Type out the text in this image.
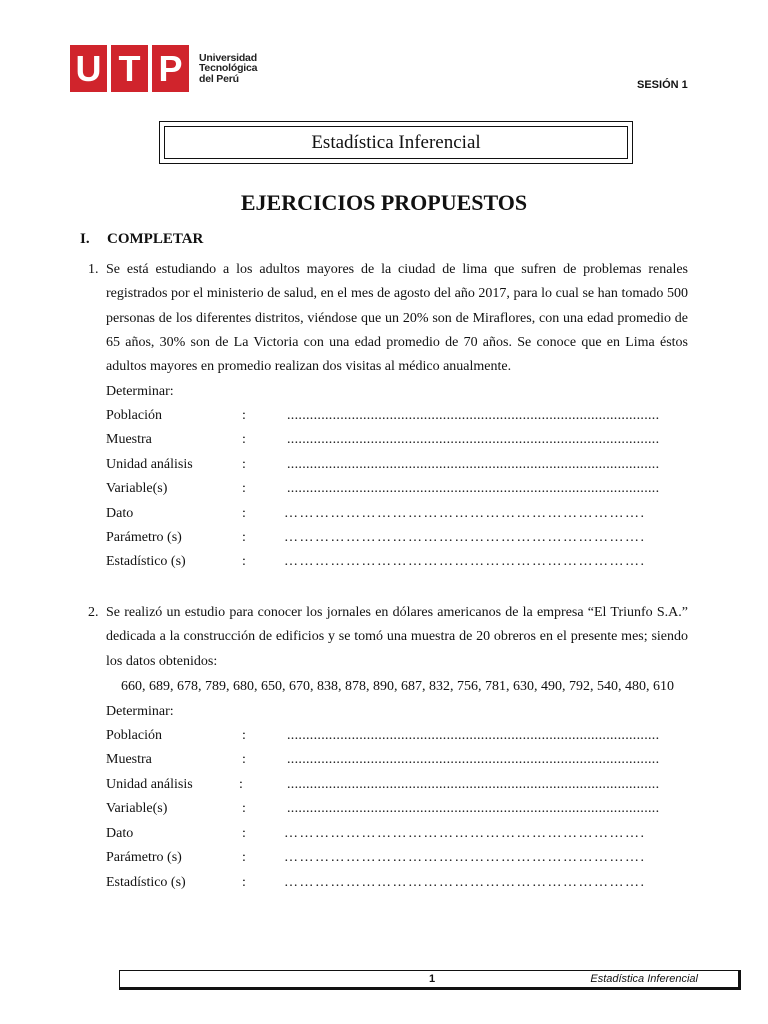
U T P	Universidad
Tecnológica
del Perú
SESIÓN 1
Estadística Inferencial
EJERCICIOS PROPUESTOS
I. COMPLETAR
1. Se está estudiando a los adultos mayores de la ciudad de lima que sufren de problemas renales registrados por el ministerio de salud, en el mes de agosto del año 2017, para lo cual se han tomado 500 personas de los diferentes distritos, viéndose que un 20% son de Miraflores, con una edad promedio de 65 años, 30% son de La Victoria con una edad promedio de 70 años. Se conoce que en Lima éstos adultos mayores en promedio realizan dos visitas al médico anualmente.
Determinar:
Población	:	..................................................................................................
Muestra	:	..................................................................................................
Unidad análisis	:	..................................................................................................
Variable(s)	:	..................................................................................................
Dato	:	…………………………………………………………….
Parámetro (s)	:	…………………………………………………………….
Estadístico (s)	:	…………………………………………………………….
2. Se realizó un estudio para conocer los jornales en dólares americanos de la empresa “El Triunfo S.A.” dedicada a la construcción de edificios y se tomó una muestra de 20 obreros en el presente mes; siendo los datos obtenidos:
660, 689, 678, 789, 680, 650, 670, 838, 878, 890, 687, 832, 756, 781, 630, 490, 792, 540, 480, 610
Determinar:
Población	:	..................................................................................................
Muestra	:	..................................................................................................
Unidad análisis	:	..................................................................................................
Variable(s)	:	..................................................................................................
Dato	:	…………………………………………………………….
Parámetro (s)	:	…………………………………………………………….
Estadístico (s)	:	…………………………………………………………….
1	Estadística Inferencial
